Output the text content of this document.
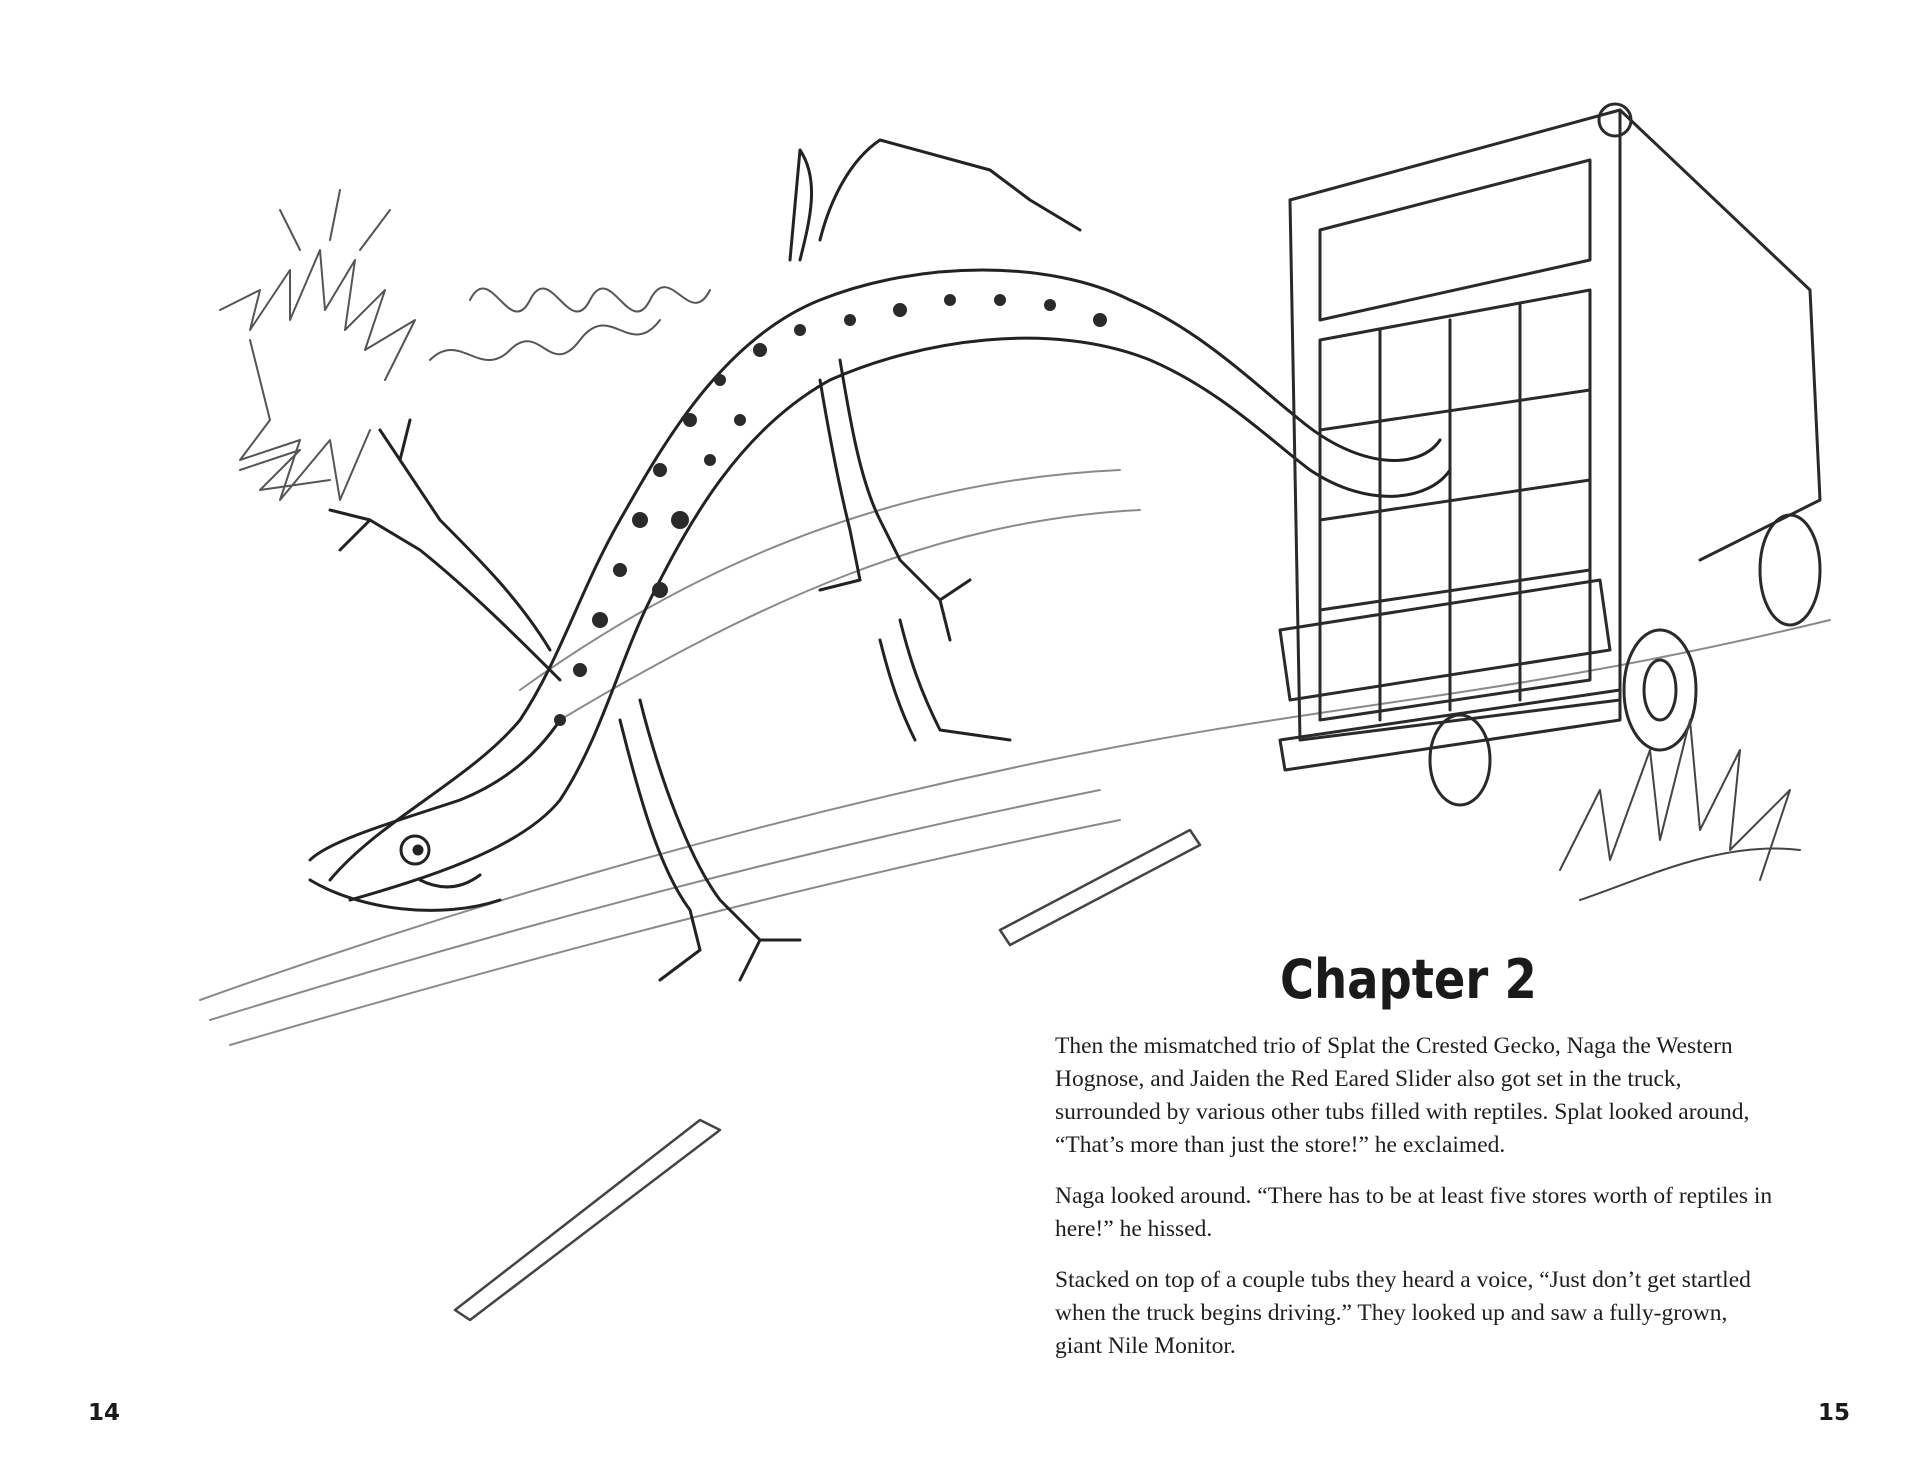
Chapter 2

Then the mismatched trio of Splat the Crested Gecko, Naga the Western Hognose, and Jaiden the Red Eared Slider also got set in the truck, surrounded by various other tubs filled with reptiles. Splat looked around, “That’s more than just the store!” he exclaimed.

Naga looked around. “There has to be at least five stores worth of reptiles in here!” he hissed.

Stacked on top of a couple tubs they heard a voice, “Just don’t get startled when the truck begins driving.” They looked up and saw a fully-grown, giant Nile Monitor.

14	15
